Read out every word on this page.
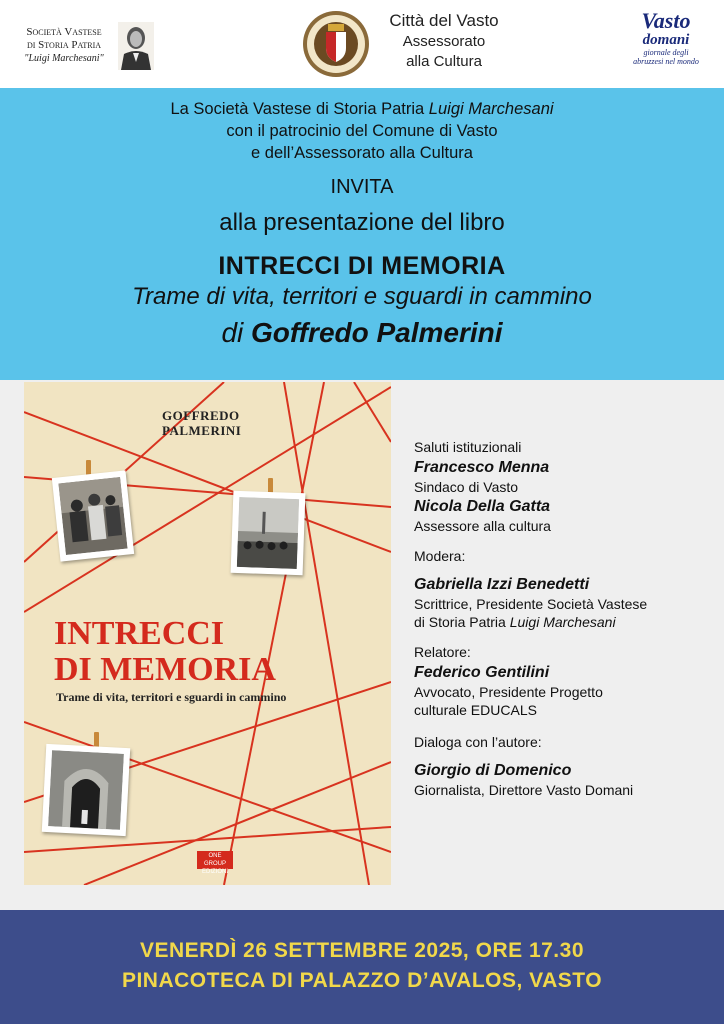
Società Vastese
di Storia Patria
"Luigi Marchesani"
Città del Vasto
Assessorato
alla Cultura
Vasto
domani
giornale degli
abruzzesi nel mondo
La Società Vastese di Storia Patria Luigi Marchesani
con il patrocinio del Comune di Vasto
e dell’Assessorato alla Cultura
INVITA
alla presentazione del libro
INTRECCI DI MEMORIA
Trame di vita, territori e sguardi in cammino
di Goffredo Palmerini
GOFFREDO
PALMERINI
INTRECCI
DI MEMORIA
Trame di vita, territori e sguardi in cammino
ONE GROUP
EDIZIONI
Saluti istituzionali
Francesco Menna
Sindaco di Vasto
Nicola Della Gatta
Assessore alla cultura
Modera:
Gabriella Izzi Benedetti
Scrittrice, Presidente Società Vastese
di Storia Patria Luigi Marchesani
Relatore:
Federico Gentilini
Avvocato, Presidente Progetto
culturale EDUCALS
Dialoga con l’autore:
Giorgio di Domenico
Giornalista, Direttore Vasto Domani
VENERDÌ 26 SETTEMBRE 2025, ORE 17.30
PINACOTECA DI PALAZZO D’AVALOS, VASTO
